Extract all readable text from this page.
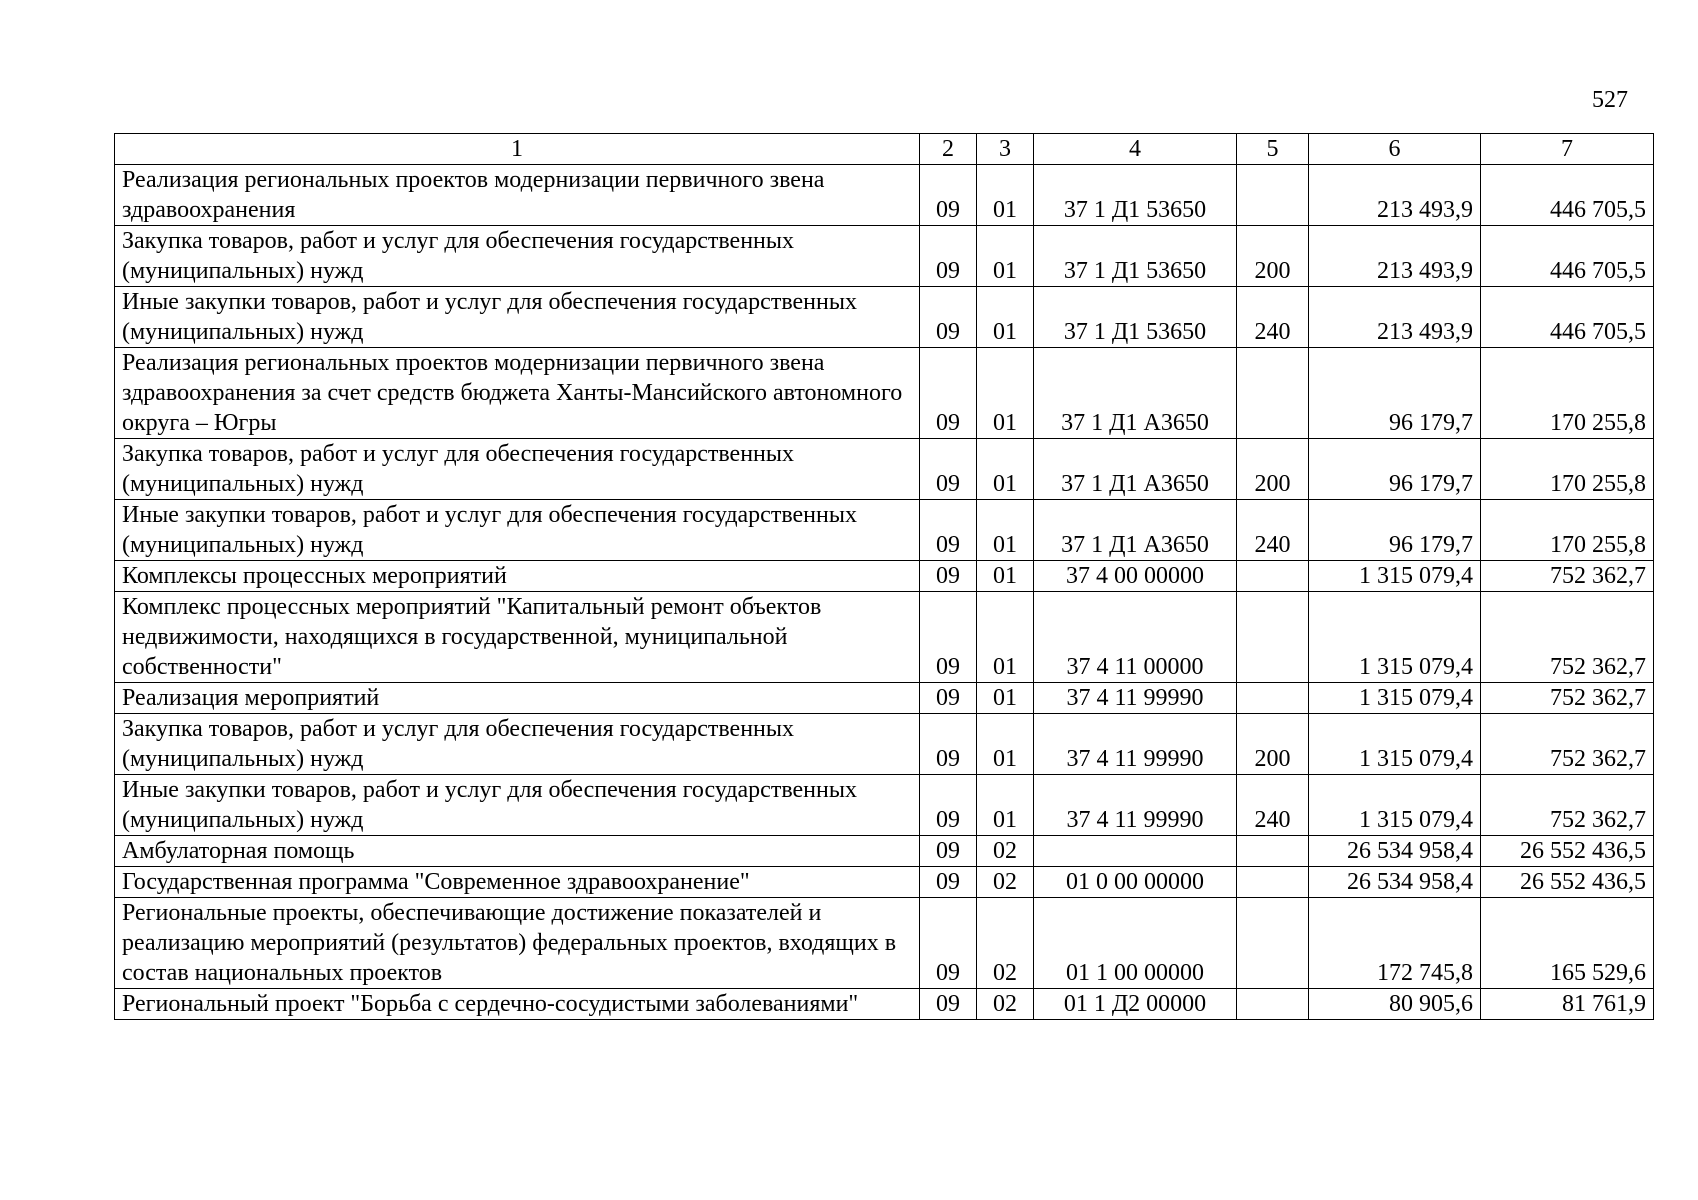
527
1	2	3	4	5	6	7
Реализация региональных проектов модернизации первичного звена здравоохранения	09	01	37 1 Д1 53650		213 493,9	446 705,5
Закупка товаров, работ и услуг для обеспечения государственных (муниципальных) нужд	09	01	37 1 Д1 53650	200	213 493,9	446 705,5
Иные закупки товаров, работ и услуг для обеспечения государственных (муниципальных) нужд	09	01	37 1 Д1 53650	240	213 493,9	446 705,5
Реализация региональных проектов модернизации первичного звена здравоохранения за счет средств бюджета Ханты-Мансийского автономного округа – Югры	09	01	37 1 Д1 А3650		96 179,7	170 255,8
Закупка товаров, работ и услуг для обеспечения государственных (муниципальных) нужд	09	01	37 1 Д1 А3650	200	96 179,7	170 255,8
Иные закупки товаров, работ и услуг для обеспечения государственных (муниципальных) нужд	09	01	37 1 Д1 А3650	240	96 179,7	170 255,8
Комплексы процессных мероприятий	09	01	37 4 00 00000		1 315 079,4	752 362,7
Комплекс процессных мероприятий "Капитальный ремонт объектов недвижимости, находящихся в государственной, муниципальной собственности"	09	01	37 4 11 00000		1 315 079,4	752 362,7
Реализация мероприятий	09	01	37 4 11 99990		1 315 079,4	752 362,7
Закупка товаров, работ и услуг для обеспечения государственных (муниципальных) нужд	09	01	37 4 11 99990	200	1 315 079,4	752 362,7
Иные закупки товаров, работ и услуг для обеспечения государственных (муниципальных) нужд	09	01	37 4 11 99990	240	1 315 079,4	752 362,7
Амбулаторная помощь	09	02			26 534 958,4	26 552 436,5
Государственная программа "Современное здравоохранение"	09	02	01 0 00 00000		26 534 958,4	26 552 436,5
Региональные проекты, обеспечивающие достижение показателей и реализацию мероприятий (результатов) федеральных проектов, входящих в состав национальных проектов	09	02	01 1 00 00000		172 745,8	165 529,6
Региональный проект "Борьба с сердечно-сосудистыми заболеваниями"	09	02	01 1 Д2 00000		80 905,6	81 761,9
